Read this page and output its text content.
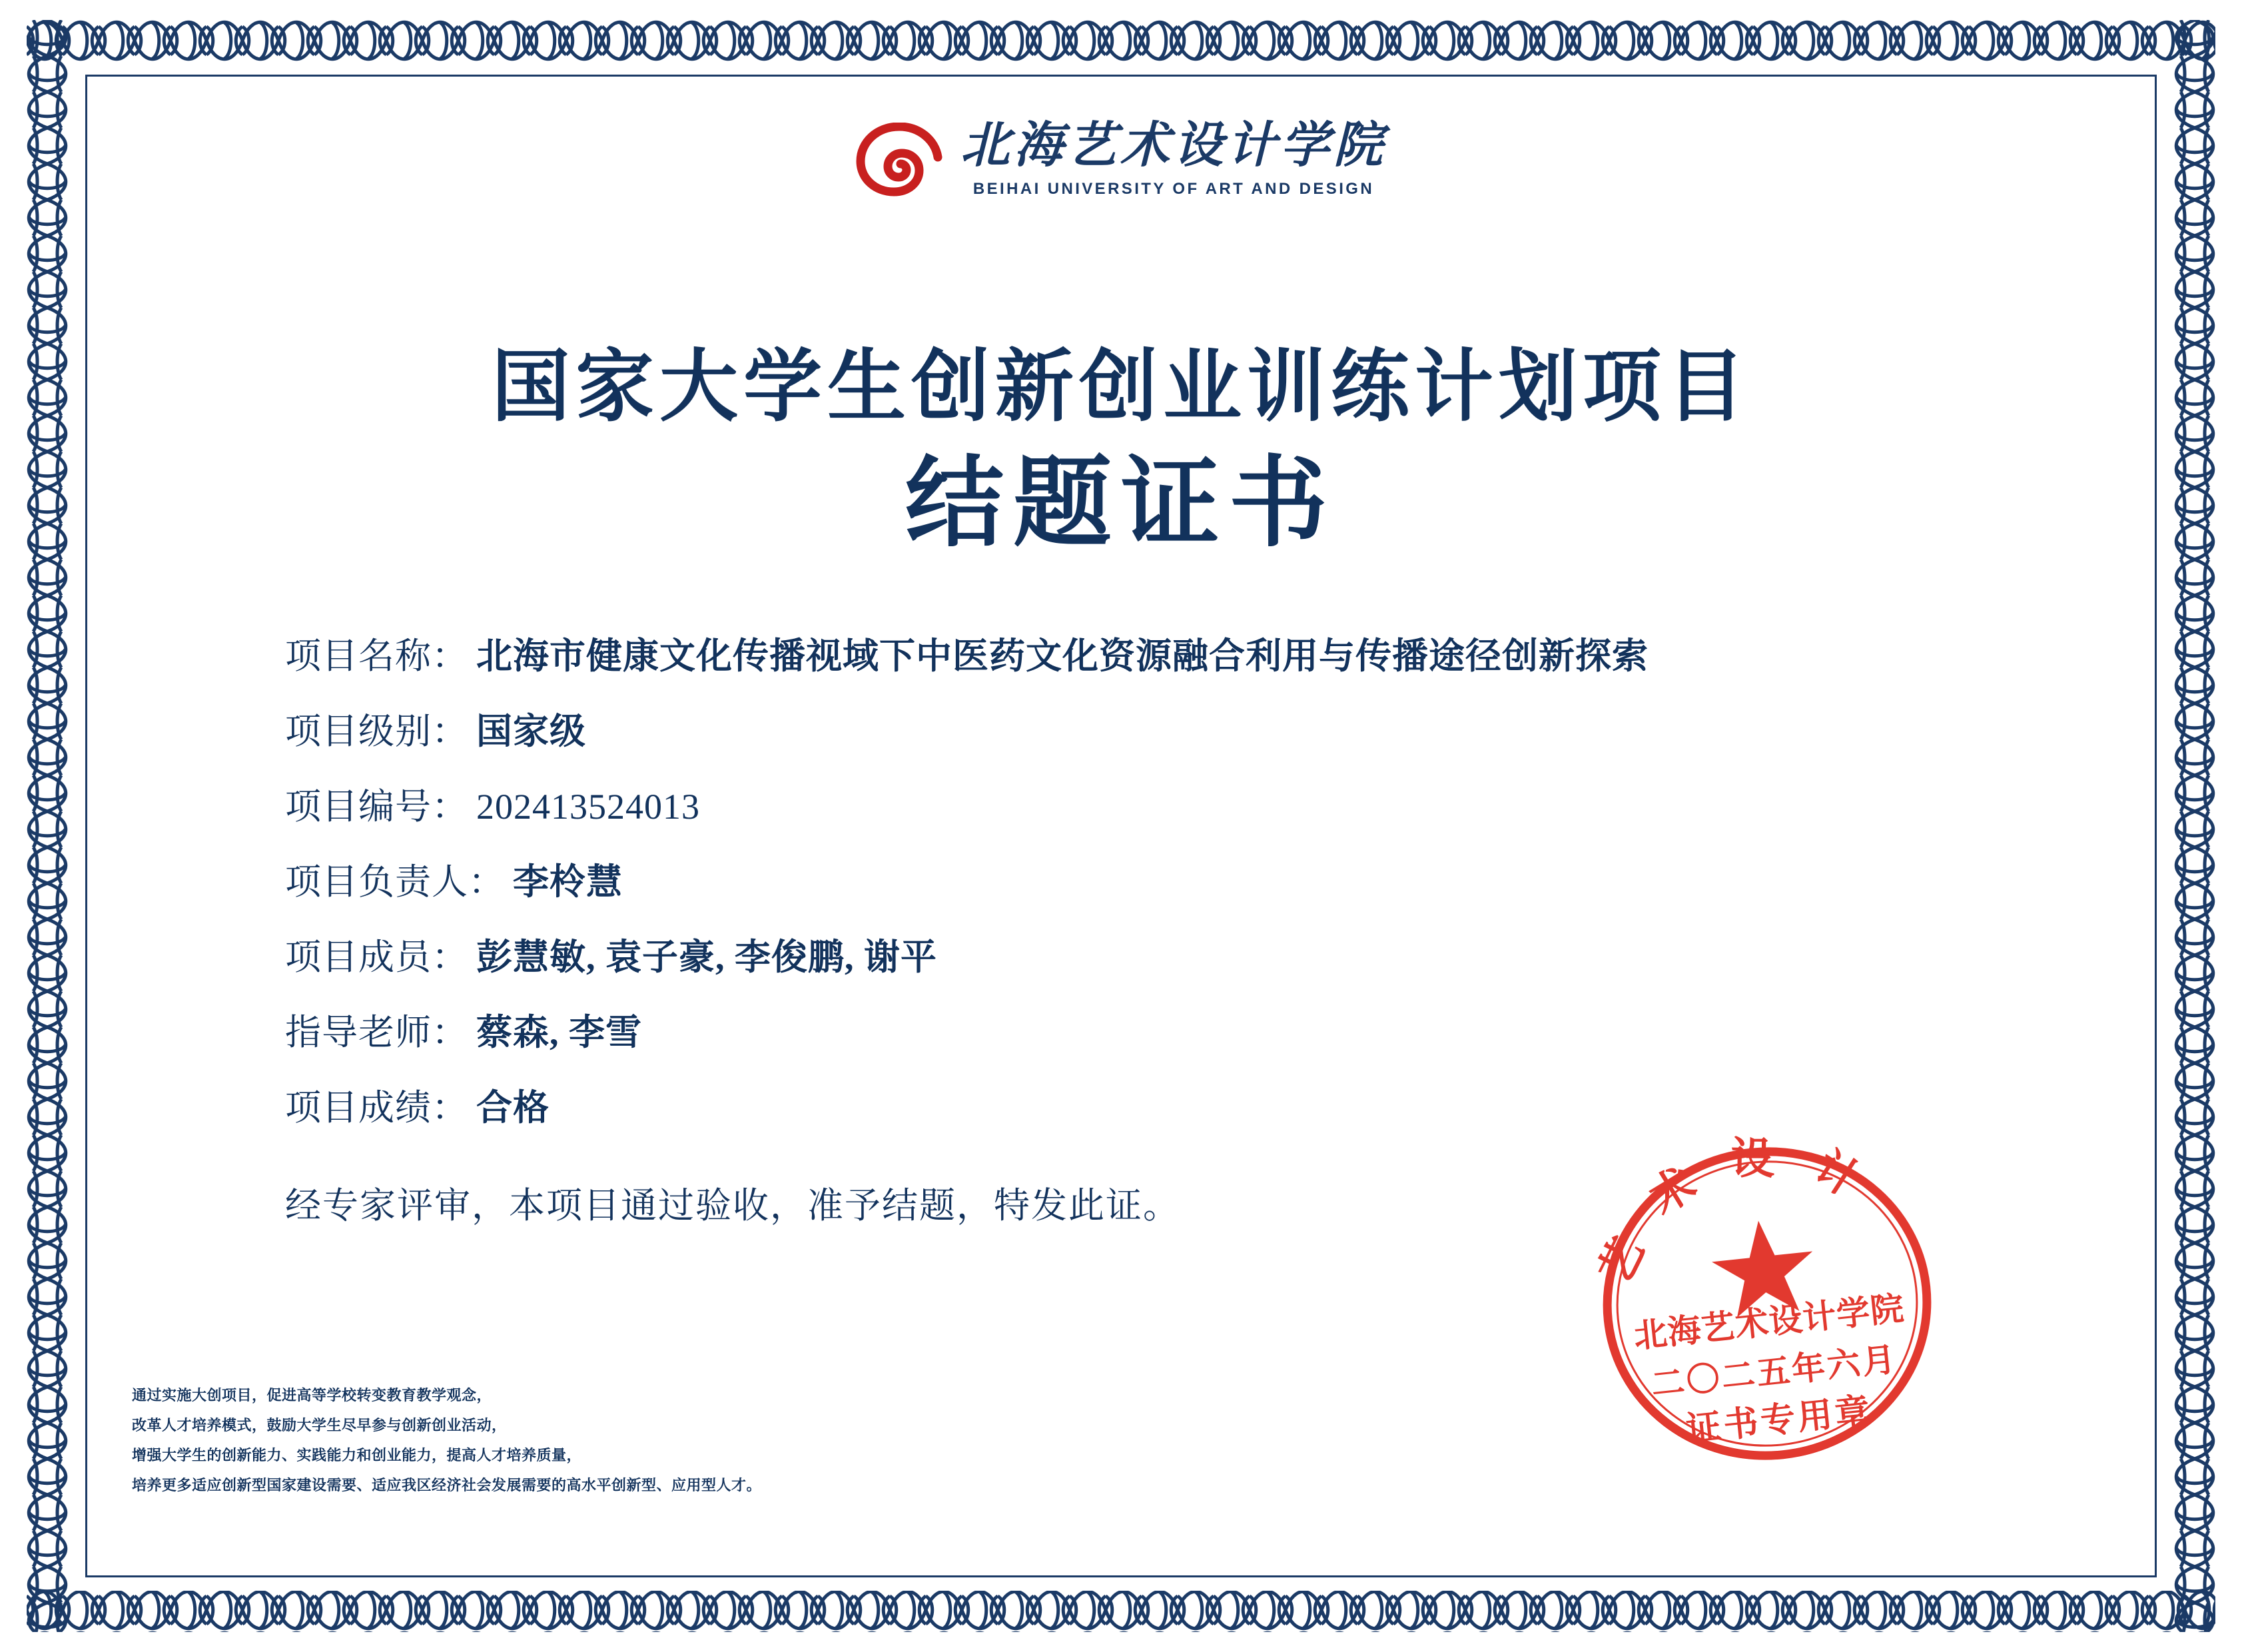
北海艺术设计学院
BEIHAI UNIVERSITY OF ART AND DESIGN
国家大学生创新创业训练计划项目
结题证书
项目名称： 北海市健康文化传播视域下中医药文化资源融合利用与传播途径创新探索
项目级别： 国家级
项目编号： 202413524013
项目负责人： 李柃慧
项目成员： 彭慧敏, 袁子豪, 李俊鹏, 谢平
指导老师： 蔡森, 李雪
项目成绩： 合格
经专家评审，本项目通过验收，准予结题，特发此证。
通过实施大创项目，促进高等学校转变教育教学观念，
改革人才培养模式，鼓励大学生尽早参与创新创业活动，
增强大学生的创新能力、实践能力和创业能力，提高人才培养质量，
培养更多适应创新型国家建设需要、适应我区经济社会发展需要的高水平创新型、应用型人才。
艺术设计
北海艺术设计学院
二〇二五年六月
证书专用章
